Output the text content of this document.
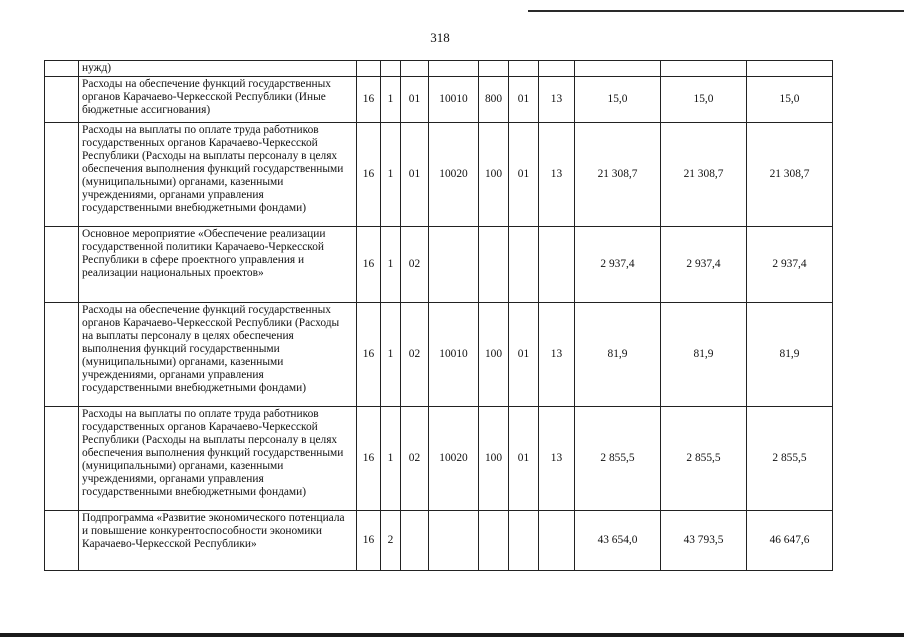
318
	нужд)										
	Расходы на обеспечение функций государственных органов Карачаево-Черкесской Республики (Иные бюджетные ассигнования)	16	1	01	10010	800	01	13	15,0	15,0	15,0
	Расходы на выплаты по оплате труда работников государственных органов Карачаево-Черкесской Республики (Расходы на выплаты персоналу в целях обеспечения выполнения функций государственными (муниципальными) органами, казенными учреждениями, органами управления государственными внебюджетными фондами)	16	1	01	10020	100	01	13	21 308,7	21 308,7	21 308,7
	Основное мероприятие «Обеспечение реализации государственной политики Карачаево-Черкесской Республики в сфере проектного управления и реализации национальных проектов»	16	1	02					2 937,4	2 937,4	2 937,4
	Расходы на обеспечение функций государственных органов Карачаево-Черкесской Республики (Расходы на выплаты персоналу в целях обеспечения выполнения функций государственными (муниципальными) органами, казенными учреждениями, органами управления государственными внебюджетными фондами)	16	1	02	10010	100	01	13	81,9	81,9	81,9
	Расходы на выплаты по оплате труда работников государственных органов Карачаево-Черкесской Республики (Расходы на выплаты персоналу в целях обеспечения выполнения функций государственными (муниципальными) органами, казенными учреждениями, органами управления государственными внебюджетными фондами)	16	1	02	10020	100	01	13	2 855,5	2 855,5	2 855,5
	Подпрограмма «Развитие экономического потенциала и повышение конкурентоспособности экономики Карачаево-Черкесской Республики»	16	2						43 654,0	43 793,5	46 647,6
